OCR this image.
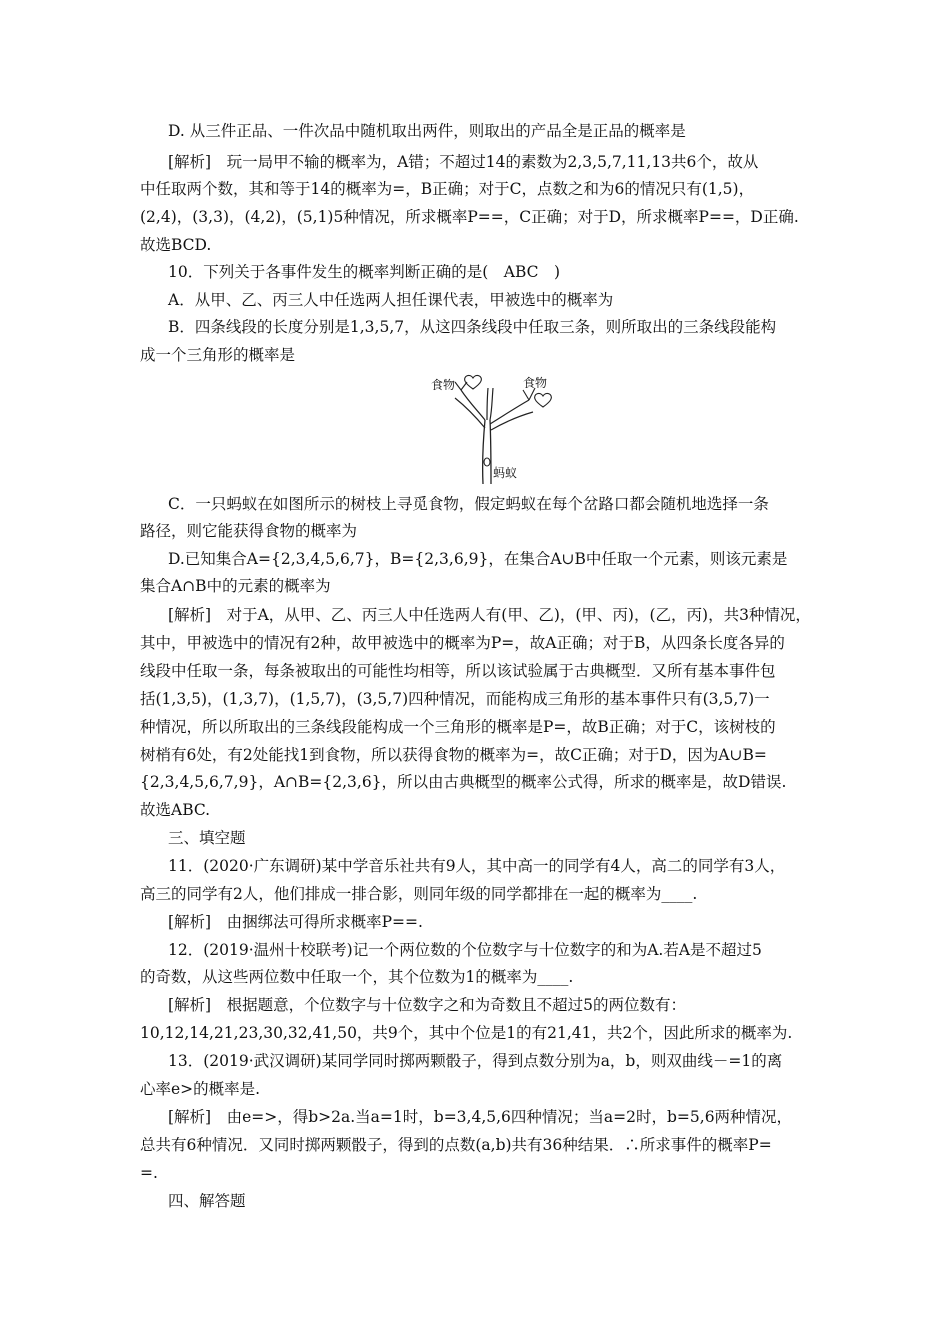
D. 从三件正品、一件次品中随机取出两件，则取出的产品全是正品的概率是
[解析]　玩一局甲不输的概率为，A错；不超过14的素数为2,3,5,7,11,13共6个，故从
中任取两个数，其和等于14的概率为=，B正确；对于C，点数之和为6的情况只有(1,5)，
(2,4)，(3,3)，(4,2)，(5,1)5种情况，所求概率P==，C正确；对于D，所求概率P==，D正确.
故选BCD.
10．下列关于各事件发生的概率判断正确的是(　ABC　)
A．从甲、乙、丙三人中任选两人担任课代表，甲被选中的概率为
B．四条线段的长度分别是1,3,5,7，从这四条线段中任取三条，则所取出的三条线段能构
成一个三角形的概率是
食物	食物
蚂蚁
C．一只蚂蚁在如图所示的树枝上寻觅食物，假定蚂蚁在每个岔路口都会随机地选择一条
路径，则它能获得食物的概率为
D.已知集合A={2,3,4,5,6,7}，B={2,3,6,9}，在集合A∪B中任取一个元素，则该元素是
集合A∩B中的元素的概率为
[解析]　对于A，从甲、乙、丙三人中任选两人有(甲、乙)，(甲、丙)，(乙，丙)，共3种情况，
其中，甲被选中的情况有2种，故甲被选中的概率为P=，故A正确；对于B，从四条长度各异的
线段中任取一条，每条被取出的可能性均相等，所以该试验属于古典概型．又所有基本事件包
括(1,3,5)，(1,3,7)，(1,5,7)，(3,5,7)四种情况，而能构成三角形的基本事件只有(3,5,7)一
种情况，所以所取出的三条线段能构成一个三角形的概率是P=，故B正确；对于C，该树枝的
树梢有6处，有2处能找1到食物，所以获得食物的概率为=，故C正确；对于D，因为A∪B=
{2,3,4,5,6,7,9}，A∩B={2,3,6}，所以由古典概型的概率公式得，所求的概率是，故D错误.
故选ABC.
三、填空题
11．(2020·广东调研)某中学音乐社共有9人，其中高一的同学有4人，高二的同学有3人，
高三的同学有2人，他们排成一排合影，则同年级的同学都排在一起的概率为____.
[解析]　由捆绑法可得所求概率P==.
12．(2019·温州十校联考)记一个两位数的个位数字与十位数字的和为A.若A是不超过5
的奇数，从这些两位数中任取一个，其个位数为1的概率为____.
[解析]　根据题意，个位数字与十位数字之和为奇数且不超过5的两位数有：
10,12,14,21,23,30,32,41,50，共9个，其中个位是1的有21,41，共2个，因此所求的概率为.
13．(2019·武汉调研)某同学同时掷两颗骰子，得到点数分别为a，b，则双曲线－=1的离
心率e>的概率是.
[解析]　由e=>，得b>2a.当a=1时，b=3,4,5,6四种情况；当a=2时，b=5,6两种情况，
总共有6种情况．又同时掷两颗骰子，得到的点数(a,b)共有36种结果．∴所求事件的概率P=
=.
四、解答题
